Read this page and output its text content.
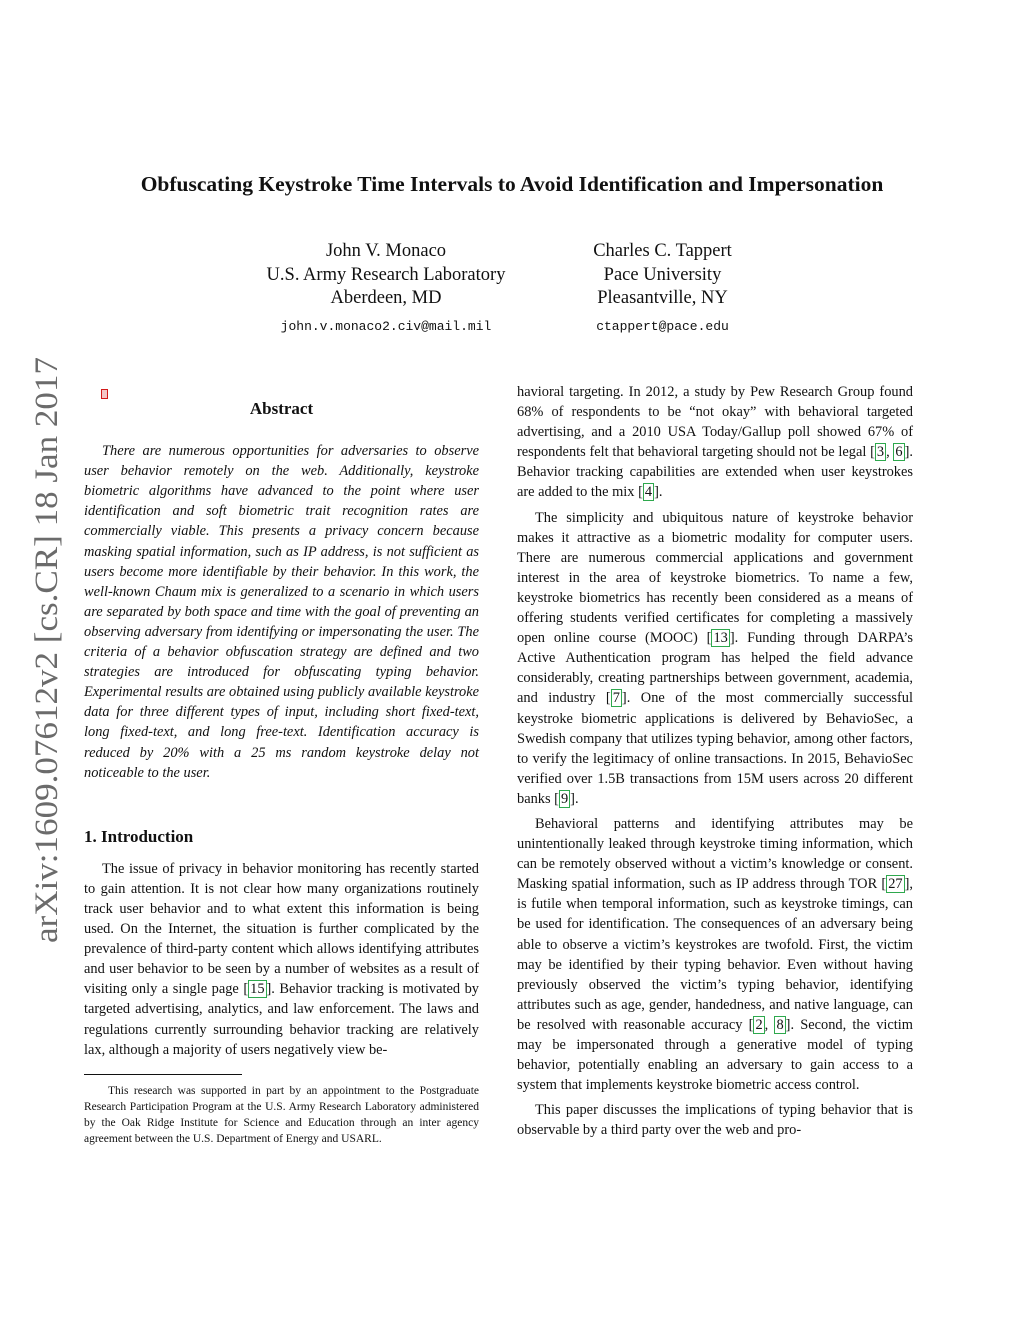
arXiv:1609.07612v2 [cs.CR] 18 Jan 2017
Obfuscating Keystroke Time Intervals to Avoid Identification and Impersonation
John V. Monaco
U.S. Army Research Laboratory
Aberdeen, MD
john.v.monaco2.civ@mail.mil
Charles C. Tappert
Pace University
Pleasantville, NY
ctappert@pace.edu
Abstract

There are numerous opportunities for adversaries to observe user behavior remotely on the web. Additionally, keystroke biometric algorithms have advanced to the point where user identification and soft biometric trait recognition rates are commercially viable. This presents a privacy concern because masking spatial information, such as IP address, is not sufficient as users become more identifiable by their behavior. In this work, the well-known Chaum mix is generalized to a scenario in which users are separated by both space and time with the goal of preventing an observing adversary from identifying or impersonating the user. The criteria of a behavior obfuscation strategy are defined and two strategies are introduced for obfuscating typing behavior. Experimental results are obtained using publicly available keystroke data for three different types of input, including short fixed-text, long fixed-text, and long free-text. Identification accuracy is reduced by 20% with a 25 ms random keystroke delay not noticeable to the user.

1. Introduction

The issue of privacy in behavior monitoring has recently started to gain attention. It is not clear how many organizations routinely track user behavior and to what extent this information is being used. On the Internet, the situation is further complicated by the prevalence of third-party content which allows identifying attributes and user behavior to be seen by a number of websites as a result of visiting only a single page [ 15 ]. Behavior tracking is motivated by targeted advertising, analytics, and law enforcement. The laws and regulations currently surrounding behavior tracking are relatively lax, although a majority of users negatively view be-

This research was supported in part by an appointment to the Postgraduate Research Participation Program at the U.S. Army Research Laboratory administered by the Oak Ridge Institute for Science and Education through an inter agency agreement between the U.S. Department of Energy and USARL.

havioral targeting. In 2012, a study by Pew Research Group found 68% of respondents to be “not okay” with behavioral targeted advertising, and a 2010 USA Today/Gallup poll showed 67% of respondents felt that behavioral targeting should not be legal [ 3 , 6 ]. Behavior tracking capabilities are extended when user keystrokes are added to the mix [ 4 ].

The simplicity and ubiquitous nature of keystroke behavior makes it attractive as a biometric modality for computer users. There are numerous commercial applications and government interest in the area of keystroke biometrics. To name a few, keystroke biometrics has recently been considered as a means of offering students verified certificates for completing a massively open online course (MOOC) [ 13 ]. Funding through DARPA’s Active Authentication program has helped the field advance considerably, creating partnerships between government, academia, and industry [ 7 ]. One of the most commercially successful keystroke biometric applications is delivered by BehavioSec, a Swedish company that utilizes typing behavior, among other factors, to verify the legitimacy of online transactions. In 2015, BehavioSec verified over 1.5B transactions from 15M users across 20 different banks [ 9 ].

Behavioral patterns and identifying attributes may be unintentionally leaked through keystroke timing information, which can be remotely observed without a victim’s knowledge or consent. Masking spatial information, such as IP address through TOR [ 27 ], is futile when temporal information, such as keystroke timings, can be used for identification. The consequences of an adversary being able to observe a victim’s keystrokes are twofold. First, the victim may be identified by their typing behavior. Even without having previously observed the victim’s typing behavior, identifying attributes such as age, gender, handedness, and native language, can be resolved with reasonable accuracy [ 2 , 8 ]. Second, the victim may be impersonated through a generative model of typing behavior, potentially enabling an adversary to gain access to a system that implements keystroke biometric access control.

This paper discusses the implications of typing behavior that is observable by a third party over the web and pro-
